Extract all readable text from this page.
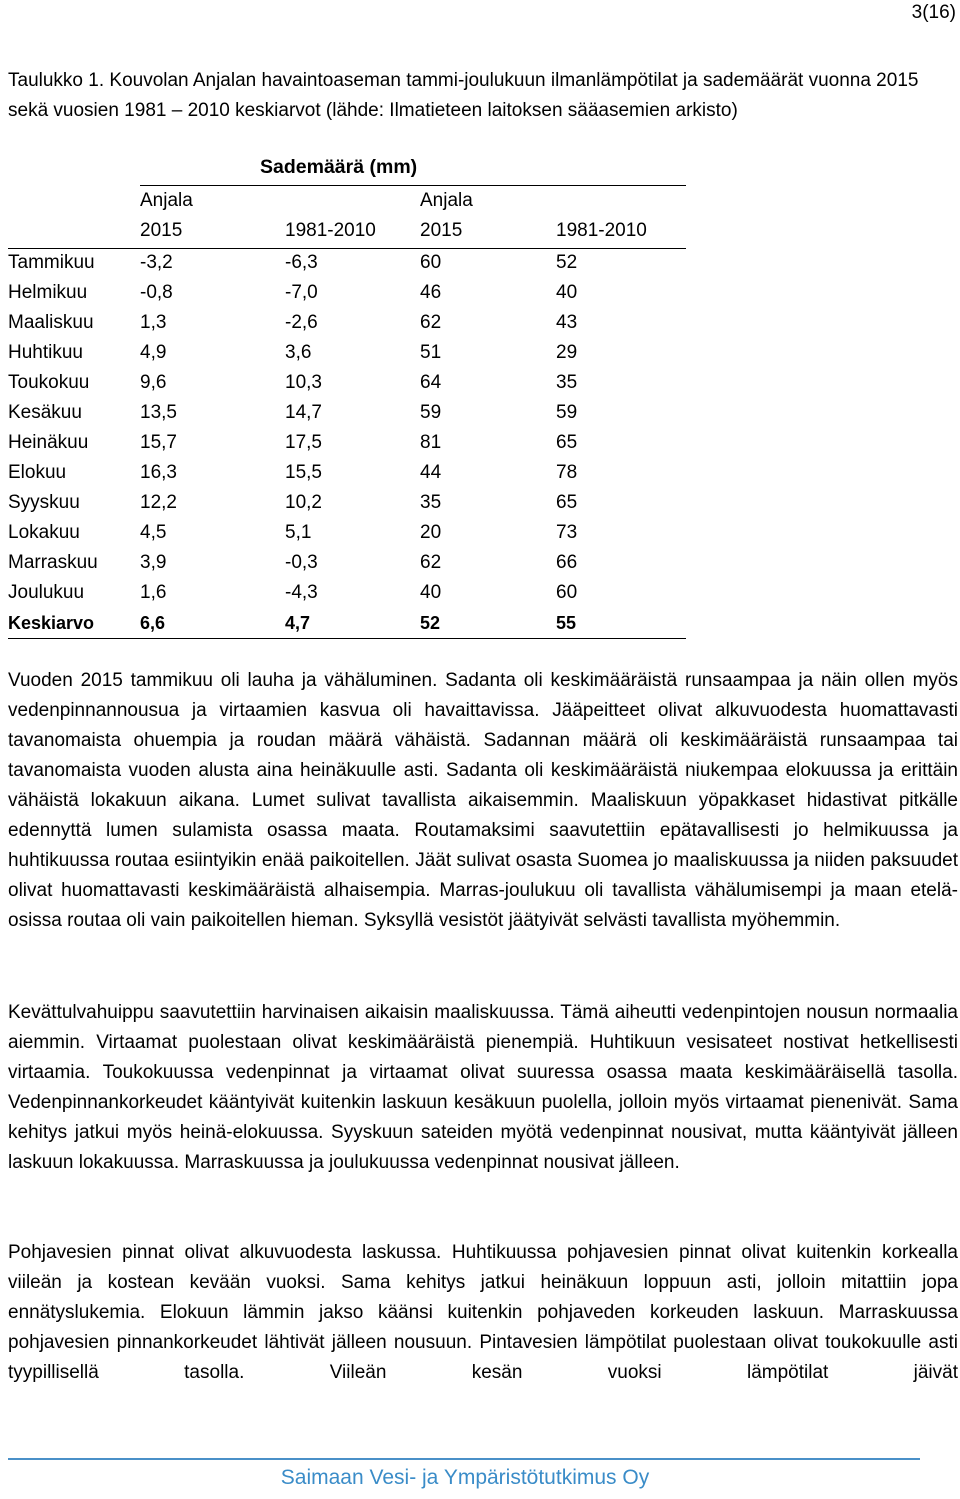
3(16)
Taulukko 1. Kouvolan Anjalan havaintoaseman tammi-joulukuun ilmanlämpötilat ja sademäärät vuonna 2015 sekä vuosien 1981 – 2010 keskiarvot (lähde: Ilmatieteen laitoksen sääasemien arkisto)
Sademäärä (mm)
Anjala
2015	1981-2010
Anjala
2015	1981-2010
Tammikuu -3,2	-6,3	60	52
Helmikuu	-0,8	-7,0	46	40
Maaliskuu 1,3	-2,6	62	43
Huhtikuu	4,9	3,6	51	29
Toukokuu	9,6	10,3	64	35
Kesäkuu	13,5	14,7	59	59
Heinäkuu	15,7	17,5	81	65
Elokuu	16,3	15,5	44	78
Syyskuu	12,2	10,2	35	65
Lokakuu	4,5	5,1	20	73
Marraskuu 3,9	-0,3	62	66
Joulukuu	1,6	-4,3	40	60
Keskiarvo	6,6	4,7	52	55

Vuoden 2015 tammikuu oli lauha ja vähäluminen. Sadanta oli keskimääräistä runsaampaa ja näin ollen myös vedenpinnannousua ja virtaamien kasvua oli havaittavissa. Jääpeitteet olivat alkuvuodesta huomattavasti tavanomaista ohuempia ja roudan määrä vähäistä. Sadannan määrä oli keskimääräistä runsaampaa tai tavanomaista vuoden alusta aina heinäkuulle asti. Sadanta oli keskimääräistä niukempaa elokuussa ja erittäin vähäistä lokakuun aikana. Lumet sulivat tavallista aikaisemmin. Maaliskuun yöpakkaset hidastivat pitkälle edennyttä lumen sulamista osassa maata. Routamaksimi saavutettiin epätavallisesti jo helmikuussa ja huhtikuussa routaa esiintyikin enää paikoitellen. Jäät sulivat osasta Suomea jo maaliskuussa ja niiden paksuudet olivat huomattavasti keskimääräistä alhaisempia. Marras-joulukuu oli tavallista vähälumisempi ja maan etelä-osissa routaa oli vain paikoitellen hieman. Syksyllä vesistöt jäätyivät selvästi tavallista myöhemmin.

Kevättulvahuippu saavutettiin harvinaisen aikaisin maaliskuussa. Tämä aiheutti vedenpintojen nousun normaalia aiemmin. Virtaamat puolestaan olivat keskimääräistä pienempiä. Huhtikuun vesisateet nostivat hetkellisesti virtaamia. Toukokuussa vedenpinnat ja virtaamat olivat suuressa osassa maata keskimääräisellä tasolla. Vedenpinnankorkeudet kääntyivät kuitenkin laskuun kesäkuun puolella, jolloin myös virtaamat pienenivät. Sama kehitys jatkui myös heinä-elokuussa. Syyskuun sateiden myötä vedenpinnat nousivat, mutta kääntyivät jälleen laskuun lokakuussa. Marraskuussa ja joulukuussa vedenpinnat nousivat jälleen.

Pohjavesien pinnat olivat alkuvuodesta laskussa. Huhtikuussa pohjavesien pinnat olivat kuitenkin korkealla viileän ja kostean kevään vuoksi. Sama kehitys jatkui heinäkuun loppuun asti, jolloin mitattiin jopa ennätyslukemia. Elokuun lämmin jakso käänsi kuitenkin pohjaveden korkeuden laskuun. Marraskuussa pohjavesien pinnankorkeudet lähtivät jälleen nousuun. Pintavesien lämpötilat puolestaan olivat toukokuulle asti tyypillisellä tasolla. Viileän kesän vuoksi lämpötilat jäivät

Saimaan Vesi- ja Ympäristötutkimus Oy
